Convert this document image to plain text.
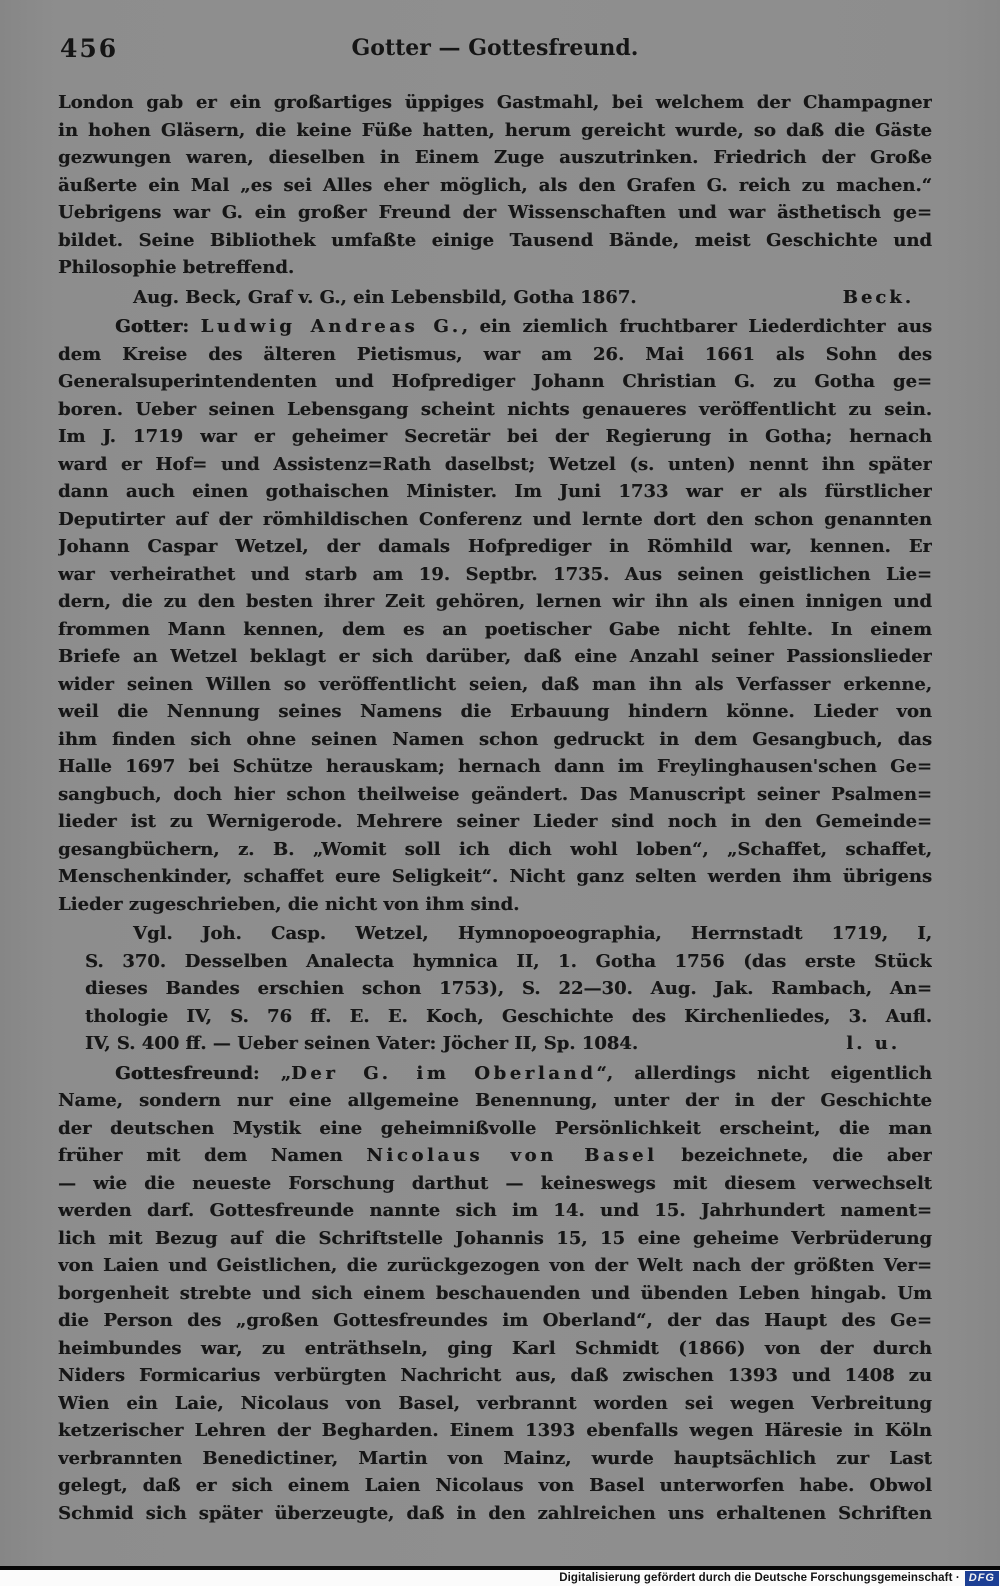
456	Gotter — Gottesfreund.
London gab er ein großartiges üppiges Gastmahl, bei welchem der Champagner
in hohen Gläsern, die keine Füße hatten, herum gereicht wurde, so daß die Gäste
gezwungen waren, dieselben in Einem Zuge auszutrinken. Friedrich der Große
äußerte ein Mal „es sei Alles eher möglich, als den Grafen G. reich zu machen.“
Uebrigens war G. ein großer Freund der Wissenschaften und war ästhetisch ge=
bildet. Seine Bibliothek umfaßte einige Tausend Bände, meist Geschichte und
Philosophie betreffend.
Aug. Beck, Graf v. G., ein Lebensbild, Gotha 1867.	Beck.
Gotter: Ludwig Andreas G., ein ziemlich fruchtbarer Liederdichter aus
dem Kreise des älteren Pietismus, war am 26. Mai 1661 als Sohn des
Generalsuperintendenten und Hofprediger Johann Christian G. zu Gotha ge=
boren. Ueber seinen Lebensgang scheint nichts genaueres veröffentlicht zu sein.
Im J. 1719 war er geheimer Secretär bei der Regierung in Gotha; hernach
ward er Hof= und Assistenz=Rath daselbst; Wetzel (s. unten) nennt ihn später
dann auch einen gothaischen Minister. Im Juni 1733 war er als fürstlicher
Deputirter auf der römhildischen Conferenz und lernte dort den schon genannten
Johann Caspar Wetzel, der damals Hofprediger in Römhild war, kennen. Er
war verheirathet und starb am 19. Septbr. 1735. Aus seinen geistlichen Lie=
dern, die zu den besten ihrer Zeit gehören, lernen wir ihn als einen innigen und
frommen Mann kennen, dem es an poetischer Gabe nicht fehlte. In einem
Briefe an Wetzel beklagt er sich darüber, daß eine Anzahl seiner Passionslieder
wider seinen Willen so veröffentlicht seien, daß man ihn als Verfasser erkenne,
weil die Nennung seines Namens die Erbauung hindern könne. Lieder von
ihm finden sich ohne seinen Namen schon gedruckt in dem Gesangbuch, das
Halle 1697 bei Schütze herauskam; hernach dann im Freylinghausen'schen Ge=
sangbuch, doch hier schon theilweise geändert. Das Manuscript seiner Psalmen=
lieder ist zu Wernigerode. Mehrere seiner Lieder sind noch in den Gemeinde=
gesangbüchern, z. B. „Womit soll ich dich wohl loben“, „Schaffet, schaffet,
Menschenkinder, schaffet eure Seligkeit“. Nicht ganz selten werden ihm übrigens
Lieder zugeschrieben, die nicht von ihm sind.
Vgl. Joh. Casp. Wetzel, Hymnopoeographia, Herrnstadt 1719, I,
S. 370. Desselben Analecta hymnica II, 1. Gotha 1756 (das erste Stück
dieses Bandes erschien schon 1753), S. 22—30. Aug. Jak. Rambach, An=
thologie IV, S. 76 ff. E. E. Koch, Geschichte des Kirchenliedes, 3. Aufl.
IV, S. 400 ff. — Ueber seinen Vater: Jöcher II, Sp. 1084.	l. u.
Gottesfreund: „Der G. im Oberland“, allerdings nicht eigentlich
Name, sondern nur eine allgemeine Benennung, unter der in der Geschichte
der deutschen Mystik eine geheimnißvolle Persönlichkeit erscheint, die man
früher mit dem Namen Nicolaus von Basel bezeichnete, die aber
— wie die neueste Forschung darthut — keineswegs mit diesem verwechselt
werden darf. Gottesfreunde nannte sich im 14. und 15. Jahrhundert nament=
lich mit Bezug auf die Schriftstelle Johannis 15, 15 eine geheime Verbrüderung
von Laien und Geistlichen, die zurückgezogen von der Welt nach der größten Ver=
borgenheit strebte und sich einem beschauenden und übenden Leben hingab. Um
die Person des „großen Gottesfreundes im Oberland“, der das Haupt des Ge=
heimbundes war, zu enträthseln, ging Karl Schmidt (1866) von der durch
Niders Formicarius verbürgten Nachricht aus, daß zwischen 1393 und 1408 zu
Wien ein Laie, Nicolaus von Basel, verbrannt worden sei wegen Verbreitung
ketzerischer Lehren der Begharden. Einem 1393 ebenfalls wegen Häresie in Köln
verbrannten Benedictiner, Martin von Mainz, wurde hauptsächlich zur Last
gelegt, daß er sich einem Laien Nicolaus von Basel unterworfen habe. Obwol
Schmid sich später überzeugte, daß in den zahlreichen uns erhaltenen Schriften
Digitalisierung gefördert durch die Deutsche Forschungsgemeinschaft · DFG
